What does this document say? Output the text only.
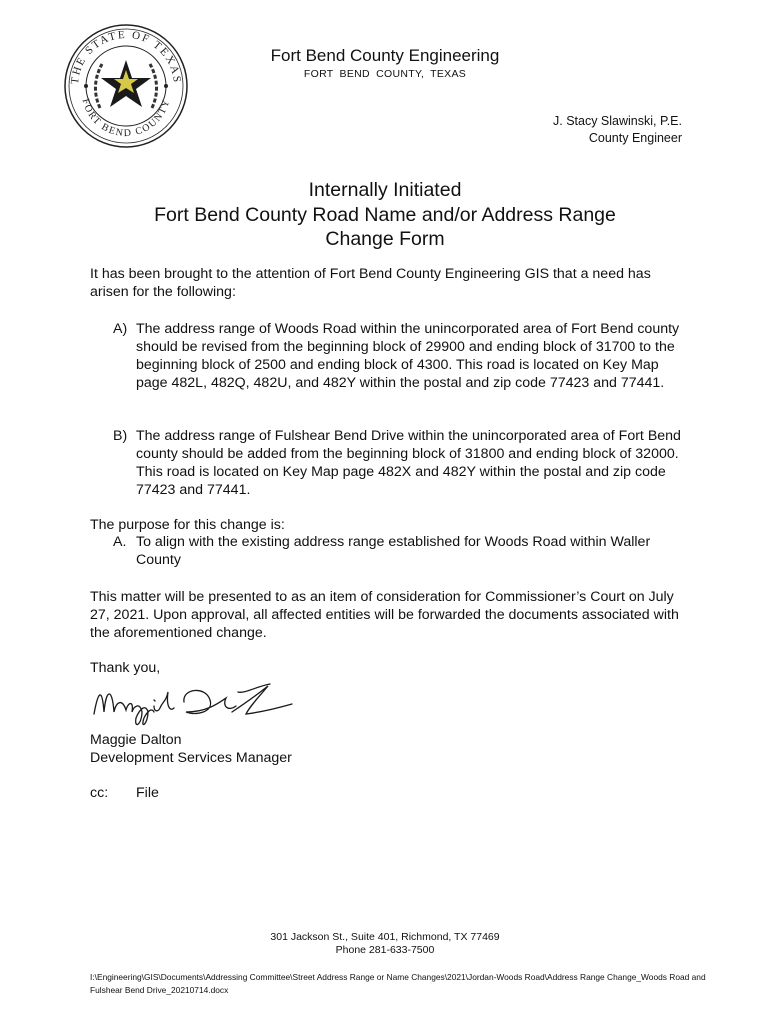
THE STATE OF TEXAS
FORT BEND COUNTY
Fort Bend County Engineering
FORT BEND COUNTY, TEXAS
J. Stacy Slawinski, P.E.
County Engineer
Internally Initiated
Fort Bend County Road Name and/or Address Range
Change Form
It has been brought to the attention of Fort Bend County Engineering GIS that a need has arisen for the following:
A) The address range of Woods Road within the unincorporated area of Fort Bend county should be revised from the beginning block of 29900 and ending block of 31700 to the beginning block of 2500 and ending block of 4300. This road is located on Key Map page 482L, 482Q, 482U, and 482Y within the postal and zip code 77423 and 77441.
B) The address range of Fulshear Bend Drive within the unincorporated area of Fort Bend county should be added from the beginning block of 31800 and ending block of 32000. This road is located on Key Map page 482X and 482Y within the postal and zip code 77423 and 77441.
The purpose for this change is:
A. To align with the existing address range established for Woods Road within Waller County
This matter will be presented to as an item of consideration for Commissioner’s Court on July 27, 2021. Upon approval, all affected entities will be forwarded the documents associated with the aforementioned change.
Thank you,
Maggie Dalton
Development Services Manager
cc: File
301 Jackson St., Suite 401, Richmond, TX 77469
Phone 281-633-7500
I:\Engineering\GIS\Documents\Addressing Committee\Street Address Range or Name Changes\2021\Jordan-Woods Road\Address Range Change_Woods Road and Fulshear Bend Drive_20210714.docx
